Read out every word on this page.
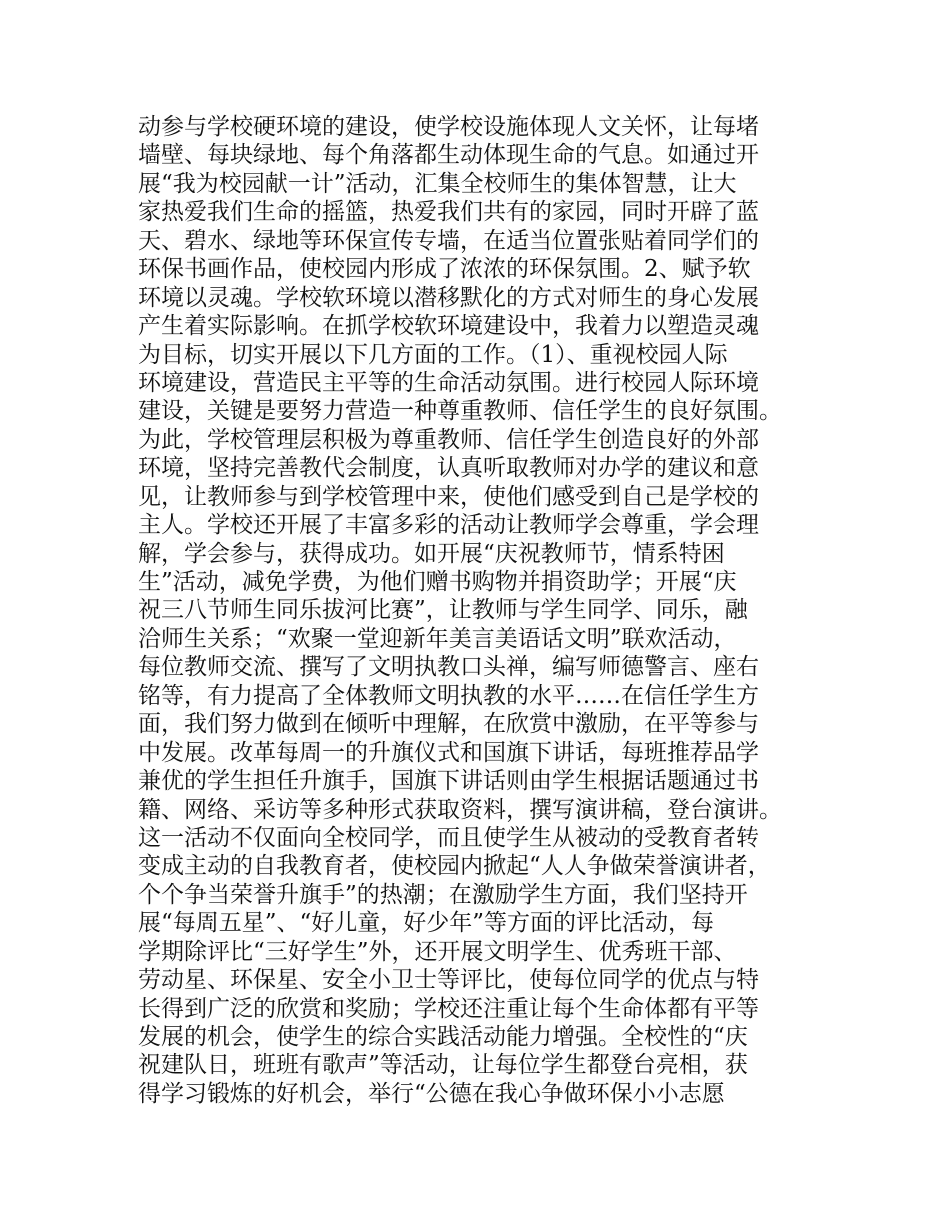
动参与学校硬环境的建设，使学校设施体现人文关怀，让每堵
墙壁、每块绿地、每个角落都生动体现生命的气息。如通过开
展“我为校园献一计”活动，汇集全校师生的集体智慧，让大
家热爱我们生命的摇篮，热爱我们共有的家园，同时开辟了蓝
天、碧水、绿地等环保宣传专墙，在适当位置张贴着同学们的
环保书画作品，使校园内形成了浓浓的环保氛围。2、赋予软
环境以灵魂。学校软环境以潜移默化的方式对师生的身心发展
产生着实际影响。在抓学校软环境建设中，我着力以塑造灵魂
为目标，切实开展以下几方面的工作。（1）、重视校园人际
环境建设，营造民主平等的生命活动氛围。进行校园人际环境
建设，关键是要努力营造一种尊重教师、信任学生的良好氛围。
为此，学校管理层积极为尊重教师、信任学生创造良好的外部
环境，坚持完善教代会制度，认真听取教师对办学的建议和意
见，让教师参与到学校管理中来，使他们感受到自己是学校的
主人。学校还开展了丰富多彩的活动让教师学会尊重，学会理
解，学会参与，获得成功。如开展“庆祝教师节，情系特困
生”活动，减免学费，为他们赠书购物并捐资助学；开展“庆
祝三八节师生同乐拔河比赛”，让教师与学生同学、同乐，融
洽师生关系；“欢聚一堂迎新年美言美语话文明”联欢活动，
每位教师交流、撰写了文明执教口头禅，编写师德警言、座右
铭等，有力提高了全体教师文明执教的水平……在信任学生方
面，我们努力做到在倾听中理解，在欣赏中激励，在平等参与
中发展。改革每周一的升旗仪式和国旗下讲话，每班推荐品学
兼优的学生担任升旗手，国旗下讲话则由学生根据话题通过书
籍、网络、采访等多种形式获取资料，撰写演讲稿，登台演讲。
这一活动不仅面向全校同学，而且使学生从被动的受教育者转
变成主动的自我教育者，使校园内掀起“人人争做荣誉演讲者，
个个争当荣誉升旗手”的热潮；在激励学生方面，我们坚持开
展“每周五星”、“好儿童，好少年”等方面的评比活动，每
学期除评比“三好学生”外，还开展文明学生、优秀班干部、
劳动星、环保星、安全小卫士等评比，使每位同学的优点与特
长得到广泛的欣赏和奖励；学校还注重让每个生命体都有平等
发展的机会，使学生的综合实践活动能力增强。全校性的“庆
祝建队日，班班有歌声”等活动，让每位学生都登台亮相，获
得学习锻炼的好机会，举行“公德在我心争做环保小小志愿
